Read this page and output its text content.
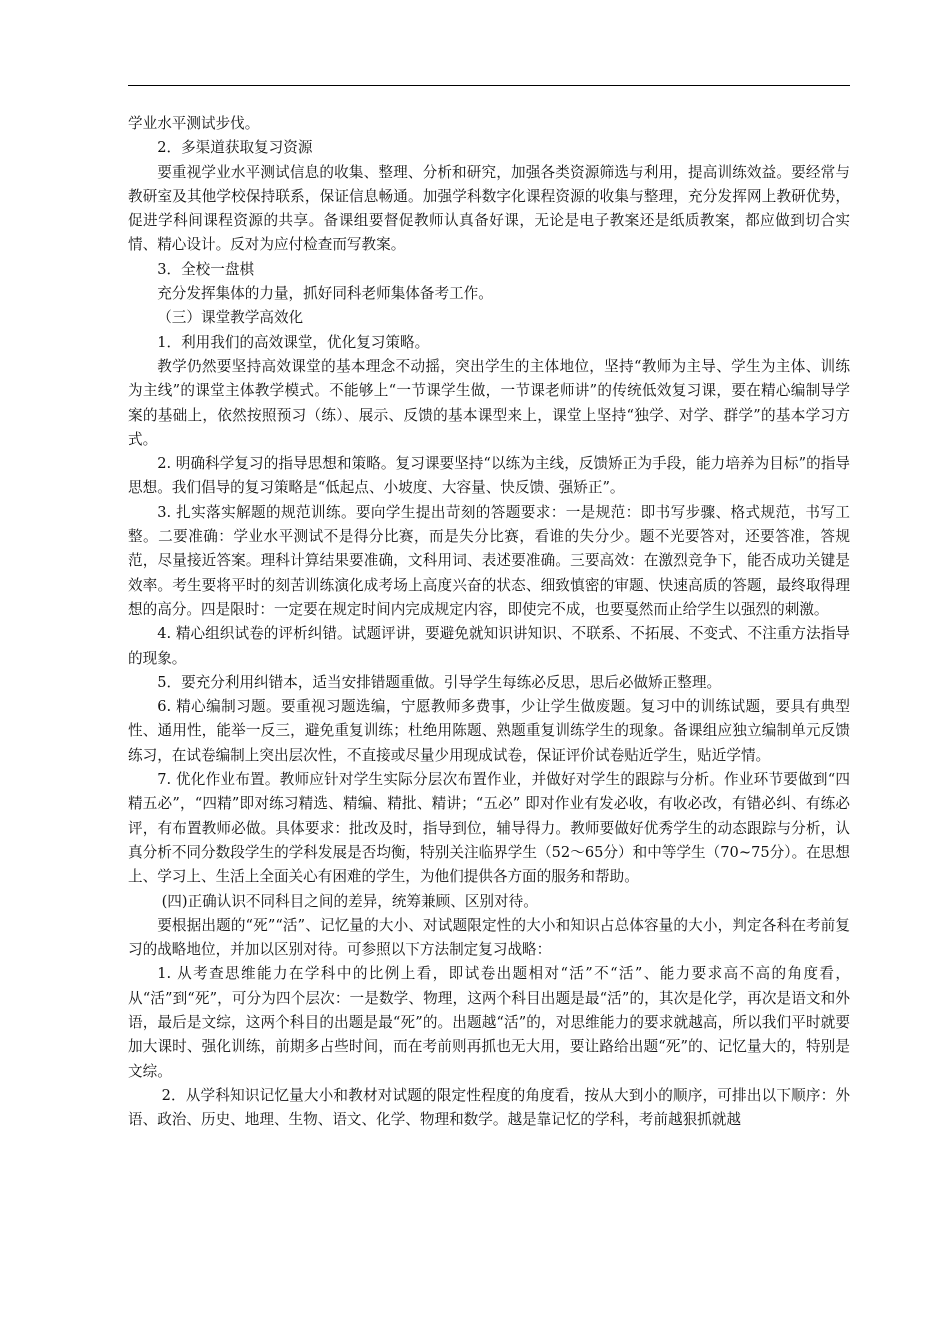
学业水平测试步伐。

2．多渠道获取复习资源

要重视学业水平测试信息的收集、整理、分析和研究，加强各类资源筛选与利用，提高训练效益。要经常与教研室及其他学校保持联系，保证信息畅通。加强学科数字化课程资源的收集与整理，充分发挥网上教研优势，促进学科间课程资源的共享。备课组要督促教师认真备好课，无论是电子教案还是纸质教案，都应做到切合实情、精心设计。反对为应付检查而写教案。

3．全校一盘棋

充分发挥集体的力量，抓好同科老师集体备考工作。

（三）课堂教学高效化

1．利用我们的高效课堂，优化复习策略。

教学仍然要坚持高效课堂的基本理念不动摇，突出学生的主体地位，坚持“教师为主导、学生为主体、训练为主线”的课堂主体教学模式。不能够上“一节课学生做，一节课老师讲”的传统低效复习课，要在精心编制导学案的基础上，依然按照预习（练）、展示、反馈的基本课型来上，课堂上坚持“独学、对学、群学”的基本学习方式。

2. 明确科学复习的指导思想和策略。复习课要坚持“以练为主线，反馈矫正为手段，能力培养为目标”的指导思想。我们倡导的复习策略是“低起点、小坡度、大容量、快反馈、强矫正”。

3. 扎实落实解题的规范训练。要向学生提出苛刻的答题要求：一是规范：即书写步骤、格式规范，书写工整。二要准确：学业水平测试不是得分比赛，而是失分比赛，看谁的失分少。题不光要答对，还要答准，答规范，尽量接近答案。理科计算结果要准确，文科用词、表述要准确。三要高效：在激烈竞争下，能否成功关键是效率。考生要将平时的刻苦训练演化成考场上高度兴奋的状态、细致慎密的审题、快速高质的答题，最终取得理想的高分。四是限时：一定要在规定时间内完成规定内容，即使完不成，也要戛然而止给学生以强烈的刺激。

4. 精心组织试卷的评析纠错。试题评讲，要避免就知识讲知识、不联系、不拓展、不变式、不注重方法指导的现象。

5．要充分利用纠错本，适当安排错题重做。引导学生每练必反思，思后必做矫正整理。

6. 精心编制习题。要重视习题选编，宁愿教师多费事，少让学生做废题。复习中的训练试题，要具有典型性、通用性，能举一反三，避免重复训练；杜绝用陈题、熟题重复训练学生的现象。备课组应独立编制单元反馈练习，在试卷编制上突出层次性，不直接或尽量少用现成试卷，保证评价试卷贴近学生，贴近学情。

7. 优化作业布置。教师应针对学生实际分层次布置作业，并做好对学生的跟踪与分析。作业环节要做到“四精五必”，“四精”即对练习精选、精编、精批、精讲；“五必” 即对作业有发必收，有收必改，有错必纠、有练必评，有布置教师必做。具体要求：批改及时，指导到位，辅导得力。教师要做好优秀学生的动态跟踪与分析，认真分析不同分数段学生的学科发展是否均衡，特别关注临界学生（52～65分）和中等学生（70~75分）。在思想上、学习上、生活上全面关心有困难的学生，为他们提供各方面的服务和帮助。

(四)正确认识不同科目之间的差异，统筹兼顾、区别对待。

要根据出题的“死”“活”、记忆量的大小、对试题限定性的大小和知识占总体容量的大小，判定各科在考前复习的战略地位，并加以区别对待。可参照以下方法制定复习战略：

1. 从考查思维能力在学科中的比例上看，即试卷出题相对“活”不“活”、能力要求高不高的角度看，从“活”到“死”，可分为四个层次：一是数学、物理，这两个科目出题是最“活”的，其次是化学，再次是语文和外语，最后是文综，这两个科目的出题是最“死”的。出题越“活”的，对思维能力的要求就越高，所以我们平时就要加大课时、强化训练，前期多占些时间，而在考前则再抓也无大用，要让路给出题“死”的、记忆量大的，特别是文综。

2．从学科知识记忆量大小和教材对试题的限定性程度的角度看，按从大到小的顺序，可排出以下顺序：外语、政治、历史、地理、生物、语文、化学、物理和数学。越是靠记忆的学科，考前越狠抓就越
